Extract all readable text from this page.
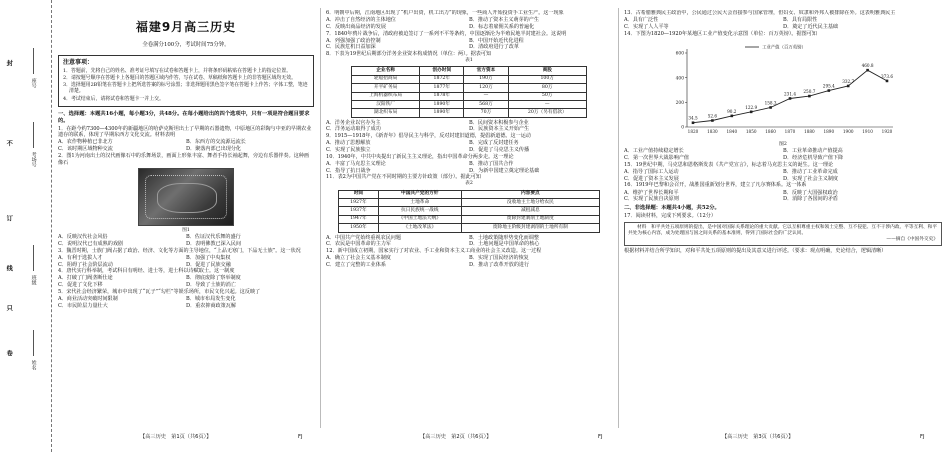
封
不
订
线
只
卷
座号
考场号
班级
姓名
福建9月高三历史
全卷满分100分，考试时间75分钟。
注意事项：
1．答题前，先将自己的姓名、准考证号填写在试卷和答题卡上，并将条形码粘贴在答题卡上的指定位置。
2．请按题号顺序在答题卡上各题目的答题区域内作答，写在试卷、草稿纸和答题卡上的非答题区域均无效。
3．选择题用2B铅笔在答题卡上把所选答案的标号涂黑；非选择题用黑色签字笔在答题卡上作答；字体工整，笔迹清楚。
4．考试结束后，请将试卷和答题卡一并上交。
一、选择题：本题共16小题，每小题3分，共48分。在每小题给出的四个选项中，只有一项是符合题目要求的。
1．在距今约7300—4300年的新疆地区的哈萨克斯坦出土了早期的石器遗物，中原地区的彩陶与中亚的早期农业遗存的联系，体现了早期东西方文化交流。材料表明
A．农作物种植已非北方	B．东西方的交流源远流长
C．该时期区域物种交流	D．聚落内部已出现分化
2．图1为河南出土的汉代画像石中的乐舞场景，画面上形象丰富、舞者手持长袖起舞，旁边有乐器伴奏。这种画像石
图1
A．反映汉代社会风俗	B．佐证汉代乐舞的盛行
C．说明汉代已有成熟的戏剧	D．表明佛教已深入民间
3．魏晋时期，士族门阀占据了政治、经济、文化等方面的主导地位，“上品无寒门，下品无士族”。这一状况
A．有利于选拔人才	B．加强了中央集权
C．阻碍了社会阶层流动	D．促进了民族交融
4．唐代实行科举制，考试科目有明经、进士等，进士科以诗赋取士。这一制度
A．打破了门阀垄断仕途	B．彻底废除了察举制度
C．促进了文化下移	D．导致了士族的消亡
5．宋代社会经济繁荣，城市中出现了“瓦子”“勾栏”等娱乐场所，市民文化兴起。这反映了
A．商业活动突破时间限制	B．城市布局发生变化
C．市民阶层力量壮大	D．重农抑商政策瓦解
6．明朝中后期，江南地区出现了“机户出资，机工出力”的现象，一些商人开始投资手工业生产。这一现象
A．冲击了自然经济的主体地位	B．推动了资本主义萌芽的产生
C．反映出商品经济的发展	D．标志着雇佣关系的普遍化
7．1840年鸦片战争后，清政府被迫签订了一系列不平等条约，中国逐渐沦为半殖民地半封建社会。这说明
A．列强加强了政治控制	B．中国开始近代化进程
C．民族危机日益加深	D．清政府进行了改革
8．下表为19世纪后期部分洋务企业资本构成情况（单位：两）。据表可知
表1
企业名称	创办时间	官方资本	商股
轮船招商局	1872年	190万	100万
开平矿务局	1877年	120万	80万
上海机器织布局	1878年	—	50万
汉阳铁厂	1890年	568万	—
湖北织布局	1890年	70万	20万（另有借款）
A．洋务企业以官办为主	B．民间资本积极参与企业
C．洋务运动取得了成功	D．民族资本主义开始产生
9．1915—1918年，《新青年》倡导民主与科学，反对封建旧道德，提倡新道德。这一运动
A．推动了思想解放	B．完成了反封建任务
C．实现了民族独立	D．促进了马克思主义传播
10．1940年，中共中央提出了新民主主义理论，指出中国革命分两步走。这一理论
A．丰富了马克思主义理论	B．推动了国共合作
C．指导了抗日战争	D．为新中国建立奠定理论基础
11．表2为中国共产党在不同时期的主要方针政策（部分）。据此可知
表2
时间	中国共产党的方针	内容要点
1927年	土地革命	没收地主土地分给农民
1937年	抗日民族统一战线	减租减息
1947年	《中国土地法大纲》	废除封建剥削土地制度
1950年	《土地改革法》	废除地主阶级封建剥削的土地所有制
A．中国共产党始终重视农民问题	B．土地政策随形势变化而调整
C．农民是中国革命的主力军	D．土地问题是中国革命的核心
12．新中国成立初期，国家实行了对农业、手工业和资本主义工商业的社会主义改造。这一过程
A．确立了社会主义基本制度	B．实现了国民经济的恢复
C．建立了完整的工业体系	D．推动了改革开放的进行
13．古希腊雅典民主政治中，公民通过公民大会直接参与国家管理，但妇女、奴隶和外邦人被排除在外。这表明雅典民主
A．具有广泛性	B．具有局限性
C．实现了人人平等	D．奠定了近代民主基础
14．下图为1820—1920年某地区工业产值变化示意图（单位：百万英镑）。据图可知
0
200
400
600
34.5
1820
52.6
1830
90.2
1840
122.9
1850
158.3
1860
231.4
1870
250.7
1880
295.4
1890
332.7
1900
460.8
1910
373.6
1920
工业产值（百万英镑）
图2
A．工业产值持续稳定增长	B．工业革命推动产值提高
C．第一次世界大战影响产值	D．经济危机导致产值下降
15．19世纪中期，马克思和恩格斯发表《共产党宣言》，标志着马克思主义的诞生。这一理论
A．指导了国际工人运动	B．推动了工业革命完成
C．促进了资本主义发展	D．实现了社会主义制度
16．1919年巴黎和会召开，战胜国重新划分世界，建立了凡尔赛体系。这一体系
A．维护了世界长期和平	B．反映了大国强权政治
C．实现了民族自决原则	D．消除了各国间的矛盾
二、非选择题：本题共4小题，共52分。
17．阅读材料，完成下列要求。（12分）
材料　和平共处五项原则的提出，是中国对国际关系理论的重大贡献。它以互相尊重主权和领土完整、互不侵犯、互不干涉内政、平等互利、和平共处为核心内容，成为处理国与国之间关系的基本准则，得到了国际社会的广泛认同。
——摘自《中国外交史》
根据材料并结合所学知识，对和平共处五项原则的提出及其意义进行评述。（要求：观点明确，史论结合，逻辑清晰）
【高三历史　第1页（共6页）】	FJ	【高三历史　第2页（共6页）】	FJ	【高三历史　第3页（共6页）】	FJ
